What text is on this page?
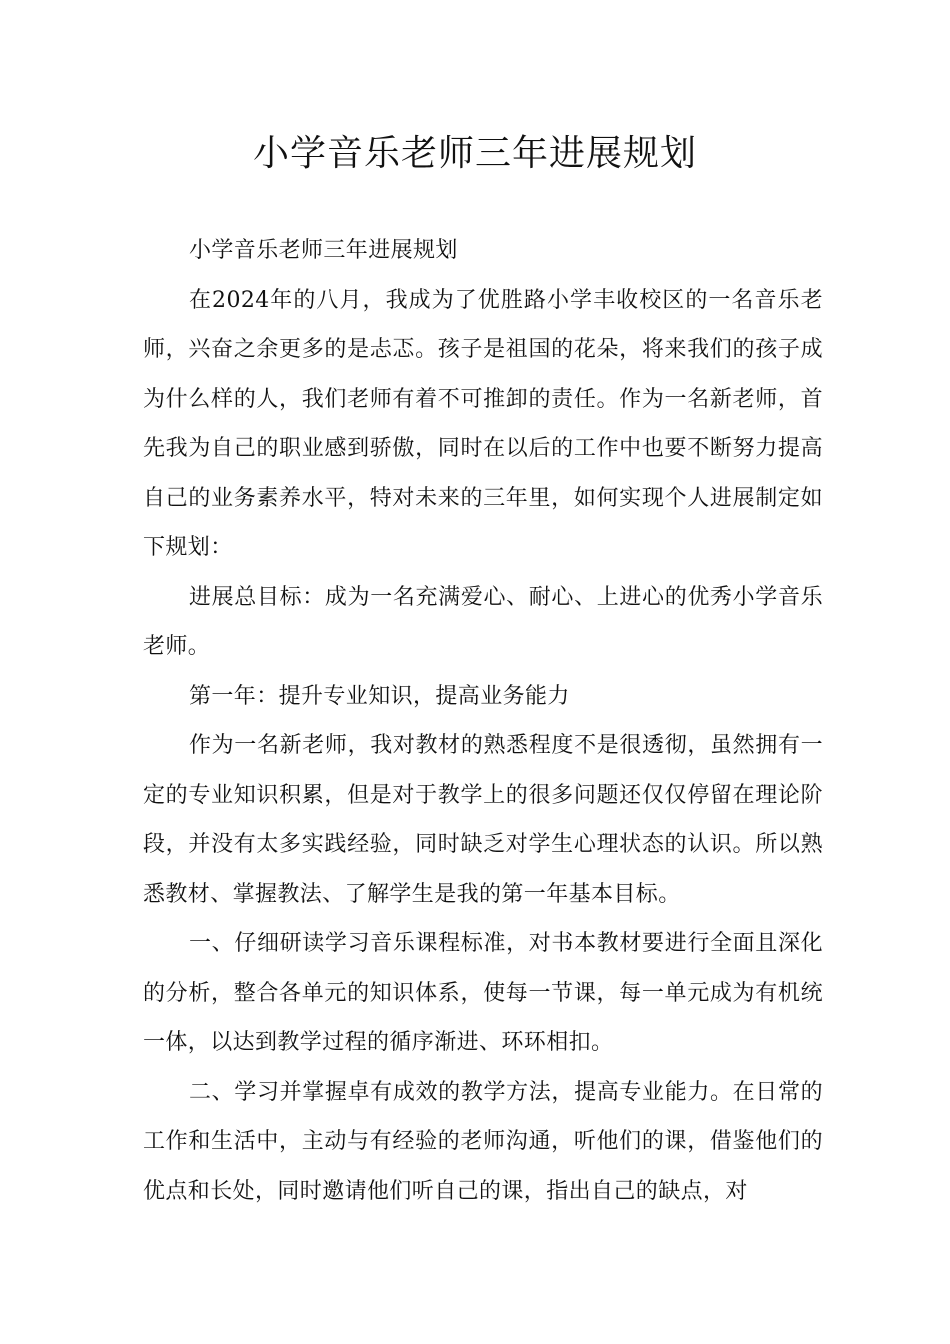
小学音乐老师三年进展规划

小学音乐老师三年进展规划

在2024年的八月，我成为了优胜路小学丰收校区的一名音乐老师，兴奋之余更多的是忐忑。孩子是祖国的花朵，将来我们的孩子成为什么样的人，我们老师有着不可推卸的责任。作为一名新老师，首先我为自己的职业感到骄傲，同时在以后的工作中也要不断努力提高自己的业务素养水平，特对未来的三年里，如何实现个人进展制定如下规划：

进展总目标：成为一名充满爱心、耐心、上进心的优秀小学音乐老师。

第一年：提升专业知识，提高业务能力

作为一名新老师，我对教材的熟悉程度不是很透彻，虽然拥有一定的专业知识积累，但是对于教学上的很多问题还仅仅停留在理论阶段，并没有太多实践经验，同时缺乏对学生心理状态的认识。所以熟悉教材、掌握教法、了解学生是我的第一年基本目标。

一、仔细研读学习音乐课程标准，对书本教材要进行全面且深化的分析，整合各单元的知识体系，使每一节课，每一单元成为有机统一体，以达到教学过程的循序渐进、环环相扣。

二、学习并掌握卓有成效的教学方法，提高专业能力。在日常的工作和生活中，主动与有经验的老师沟通，听他们的课，借鉴他们的优点和长处，同时邀请他们听自己的课，指出自己的缺点，对
